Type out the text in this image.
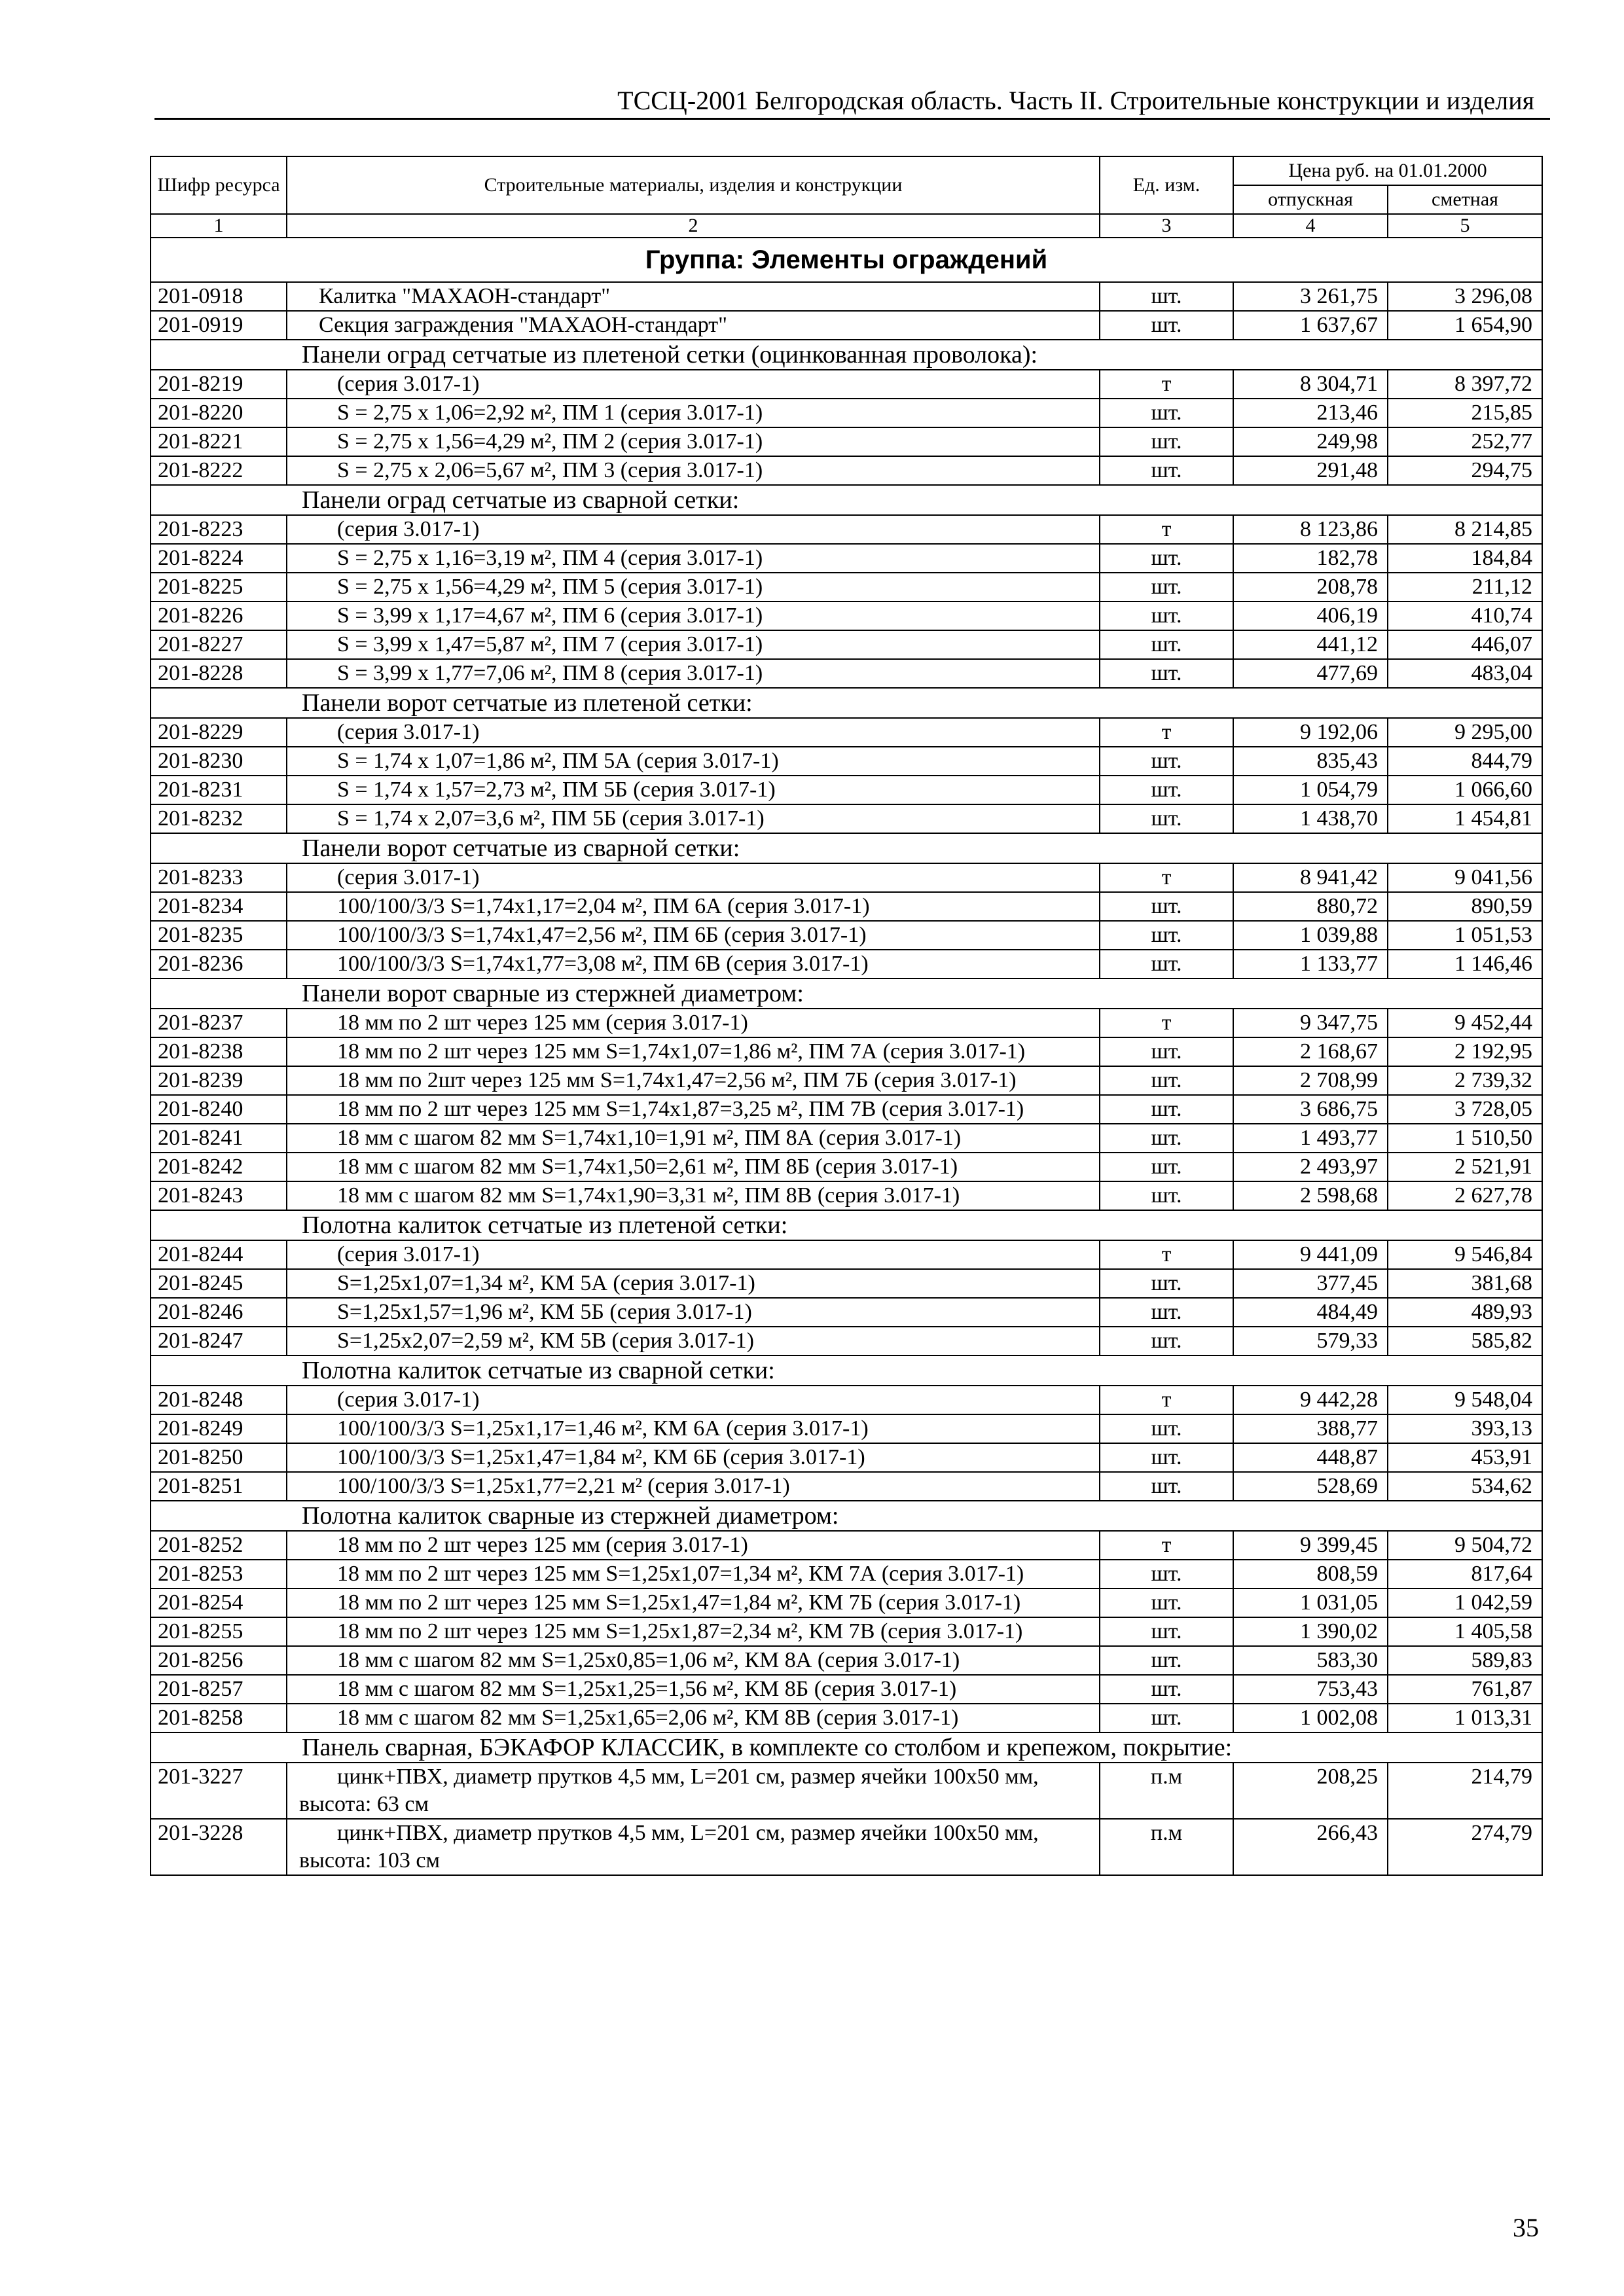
ТССЦ-2001 Белгородская область. Часть II. Строительные конструкции и изделия
Шифр ресурса	Строительные материалы, изделия и конструкции	Ед. изм.	Цена руб. на 01.01.2000	
			отпускная	сметная
1	2	3	4	5
Группа: Элементы ограждений				
201-0918	Калитка "МАХАОН-стандарт"	шт.	3 261,75	3 296,08
201-0919	Секция заграждения "МАХАОН-стандарт"	шт.	1 637,67	1 654,90
Панели оград сетчатые из плетеной сетки (оцинкованная проволока):				
201-8219	(серия 3.017-1)	т	8 304,71	8 397,72
201-8220	S = 2,75 х 1,06=2,92 м², ПМ 1 (серия 3.017-1)	шт.	213,46	215,85
201-8221	S = 2,75 х 1,56=4,29 м², ПМ 2 (серия 3.017-1)	шт.	249,98	252,77
201-8222	S = 2,75 х 2,06=5,67 м², ПМ 3 (серия 3.017-1)	шт.	291,48	294,75
Панели оград сетчатые из сварной сетки:				
201-8223	(серия 3.017-1)	т	8 123,86	8 214,85
201-8224	S = 2,75 х 1,16=3,19 м², ПМ 4 (серия 3.017-1)	шт.	182,78	184,84
201-8225	S = 2,75 х 1,56=4,29 м², ПМ 5 (серия 3.017-1)	шт.	208,78	211,12
201-8226	S = 3,99 х 1,17=4,67 м², ПМ 6 (серия 3.017-1)	шт.	406,19	410,74
201-8227	S = 3,99 х 1,47=5,87 м², ПМ 7 (серия 3.017-1)	шт.	441,12	446,07
201-8228	S = 3,99 х 1,77=7,06 м², ПМ 8 (серия 3.017-1)	шт.	477,69	483,04
Панели ворот сетчатые из плетеной сетки:				
201-8229	(серия 3.017-1)	т	9 192,06	9 295,00
201-8230	S = 1,74 х 1,07=1,86 м², ПМ 5А (серия 3.017-1)	шт.	835,43	844,79
201-8231	S = 1,74 х 1,57=2,73 м², ПМ 5Б (серия 3.017-1)	шт.	1 054,79	1 066,60
201-8232	S = 1,74 х 2,07=3,6 м², ПМ 5Б (серия 3.017-1)	шт.	1 438,70	1 454,81
Панели ворот сетчатые из сварной сетки:				
201-8233	(серия 3.017-1)	т	8 941,42	9 041,56
201-8234	100/100/3/3 S=1,74х1,17=2,04 м², ПМ 6А (серия 3.017-1)	шт.	880,72	890,59
201-8235	100/100/3/3 S=1,74х1,47=2,56 м², ПМ 6Б (серия 3.017-1)	шт.	1 039,88	1 051,53
201-8236	100/100/3/3 S=1,74х1,77=3,08 м², ПМ 6В (серия 3.017-1)	шт.	1 133,77	1 146,46
Панели ворот сварные из стержней диаметром:				
201-8237	18 мм по 2 шт через 125 мм (серия 3.017-1)	т	9 347,75	9 452,44
201-8238	18 мм по 2 шт через 125 мм S=1,74х1,07=1,86 м², ПМ 7А (серия 3.017-1)	шт.	2 168,67	2 192,95
201-8239	18 мм по 2шт через 125 мм S=1,74х1,47=2,56 м², ПМ 7Б (серия 3.017-1)	шт.	2 708,99	2 739,32
201-8240	18 мм по 2 шт через 125 мм S=1,74х1,87=3,25 м², ПМ 7В (серия 3.017-1)	шт.	3 686,75	3 728,05
201-8241	18 мм с шагом 82 мм S=1,74х1,10=1,91 м², ПМ 8А (серия 3.017-1)	шт.	1 493,77	1 510,50
201-8242	18 мм с шагом 82 мм S=1,74х1,50=2,61 м², ПМ 8Б (серия 3.017-1)	шт.	2 493,97	2 521,91
201-8243	18 мм с шагом 82 мм S=1,74х1,90=3,31 м², ПМ 8В (серия 3.017-1)	шт.	2 598,68	2 627,78
Полотна калиток сетчатые из плетеной сетки:				
201-8244	(серия 3.017-1)	т	9 441,09	9 546,84
201-8245	S=1,25х1,07=1,34 м², КМ 5А (серия 3.017-1)	шт.	377,45	381,68
201-8246	S=1,25х1,57=1,96 м², КМ 5Б (серия 3.017-1)	шт.	484,49	489,93
201-8247	S=1,25х2,07=2,59 м², КМ 5В (серия 3.017-1)	шт.	579,33	585,82
Полотна калиток сетчатые из сварной сетки:				
201-8248	(серия 3.017-1)	т	9 442,28	9 548,04
201-8249	100/100/3/3 S=1,25х1,17=1,46 м², КМ 6А (серия 3.017-1)	шт.	388,77	393,13
201-8250	100/100/3/3 S=1,25х1,47=1,84 м², КМ 6Б (серия 3.017-1)	шт.	448,87	453,91
201-8251	100/100/3/3 S=1,25х1,77=2,21 м² (серия 3.017-1)	шт.	528,69	534,62
Полотна калиток сварные из стержней диаметром:				
201-8252	18 мм по 2 шт через 125 мм (серия 3.017-1)	т	9 399,45	9 504,72
201-8253	18 мм по 2 шт через 125 мм S=1,25х1,07=1,34 м², КМ 7А (серия 3.017-1)	шт.	808,59	817,64
201-8254	18 мм по 2 шт через 125 мм S=1,25х1,47=1,84 м², КМ 7Б (серия 3.017-1)	шт.	1 031,05	1 042,59
201-8255	18 мм по 2 шт через 125 мм S=1,25х1,87=2,34 м², КМ 7В (серия 3.017-1)	шт.	1 390,02	1 405,58
201-8256	18 мм с шагом 82 мм S=1,25х0,85=1,06 м², КМ 8А (серия 3.017-1)	шт.	583,30	589,83
201-8257	18 мм с шагом 82 мм S=1,25х1,25=1,56 м², КМ 8Б (серия 3.017-1)	шт.	753,43	761,87
201-8258	18 мм с шагом 82 мм S=1,25х1,65=2,06 м², КМ 8В (серия 3.017-1)	шт.	1 002,08	1 013,31
Панель сварная, БЭКАФОР КЛАССИК, в комплекте со столбом и крепежом, покрытие:				
201-3227	цинк+ПВХ, диаметр прутков 4,5 мм, L=201 см, размер ячейки 100х50 мм, высота: 63 см	п.м	208,25	214,79
201-3228	цинк+ПВХ, диаметр прутков 4,5 мм, L=201 см, размер ячейки 100х50 мм, высота: 103 см	п.м	266,43	274,79
35
